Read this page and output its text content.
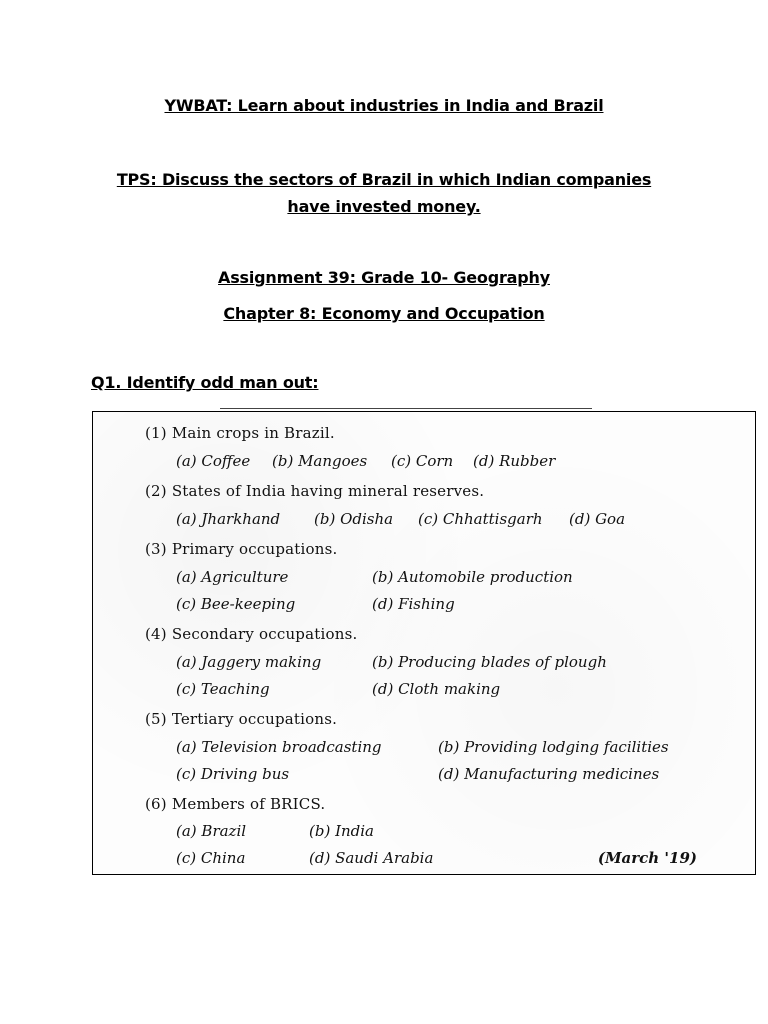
YWBAT: Learn about industries in India and Brazil
TPS: Discuss the sectors of Brazil in which Indian companies have invested money.
Assignment 39: Grade 10- Geography
Chapter 8: Economy and Occupation
Q1. Identify odd man out:
(1) Main crops in Brazil.
(a) Coffee (b) Mangoes (c) Corn (d) Rubber
(2) States of India having mineral reserves.
(a) Jharkhand (b) Odisha (c) Chhattisgarh (d) Goa
(3) Primary occupations.
(a) Agriculture	(b) Automobile production
(c) Bee-keeping	(d) Fishing
(4) Secondary occupations.
(a) Jaggery making	(b) Producing blades of plough
(c) Teaching	(d) Cloth making
(5) Tertiary occupations.
(a) Television broadcasting	(b) Providing lodging facilities
(c) Driving bus	(d) Manufacturing medicines
(6) Members of BRICS.
(a) Brazil	(b) India
(c) China	(d) Saudi Arabia	(March '19)
